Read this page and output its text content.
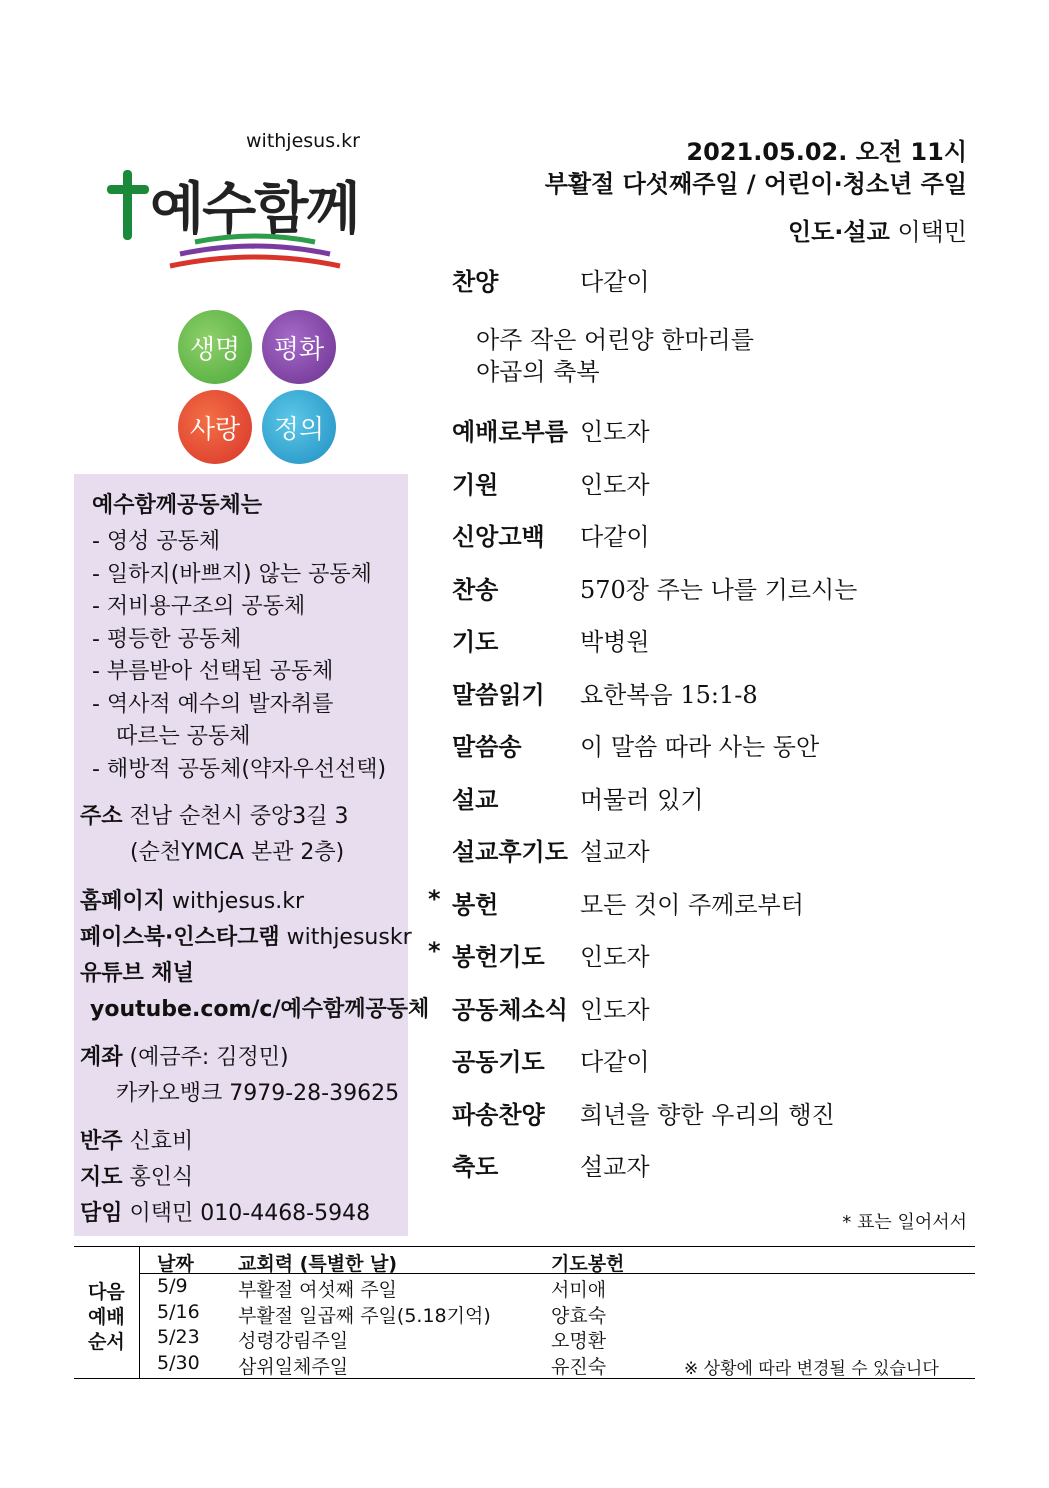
withjesus.kr
예수함께
생명 평화
사랑 정의
예수함께공동체는
- 영성 공동체
- 일하지(바쁘지) 않는 공동체
- 저비용구조의 공동체
- 평등한 공동체
- 부름받아 선택된 공동체
- 역사적 예수의 발자취를
따르는 공동체
- 해방적 공동체(약자우선선택)
주소 전남 순천시 중앙3길 3
(순천YMCA 본관 2층)
홈페이지 withjesus.kr
페이스북·인스타그램 withjesuskr
유튜브 채널
youtube.com/c/예수함께공동체
계좌 (예금주: 김정민)
카카오뱅크 7979-28-39625
반주 신효비
지도 홍인식
담임 이택민 010-4468-5948
2021.05.02. 오전 11시
부활절 다섯째주일 / 어린이·청소년 주일
인도·설교 이택민
찬양	다같이
아주 작은 어린양 한마리를
야곱의 축복
예배로부름 인도자
기원	인도자
신앙고백 다같이
찬송	570장 주는 나를 기르시는
기도	박병원
말씀읽기 요한복음 15:1-8
말씀송 이 말씀 따라 사는 동안
설교	머물러 있기
설교후기도 설교자
* 봉헌	모든 것이 주께로부터
* 봉헌기도 인도자
공동체소식 인도자
공동기도 다같이
파송찬양 희년을 향한 우리의 행진
축도	설교자
* 표는 일어서서
다음
예배
순서
날짜 교회력 (특별한 날)	기도봉헌
5/9	부활절 여섯째 주일	서미애
5/16 부활절 일곱째 주일(5.18기억)	양효숙
5/23 성령강림주일	오명환
5/30 삼위일체주일	유진숙	※ 상황에 따라 변경될 수 있습니다
